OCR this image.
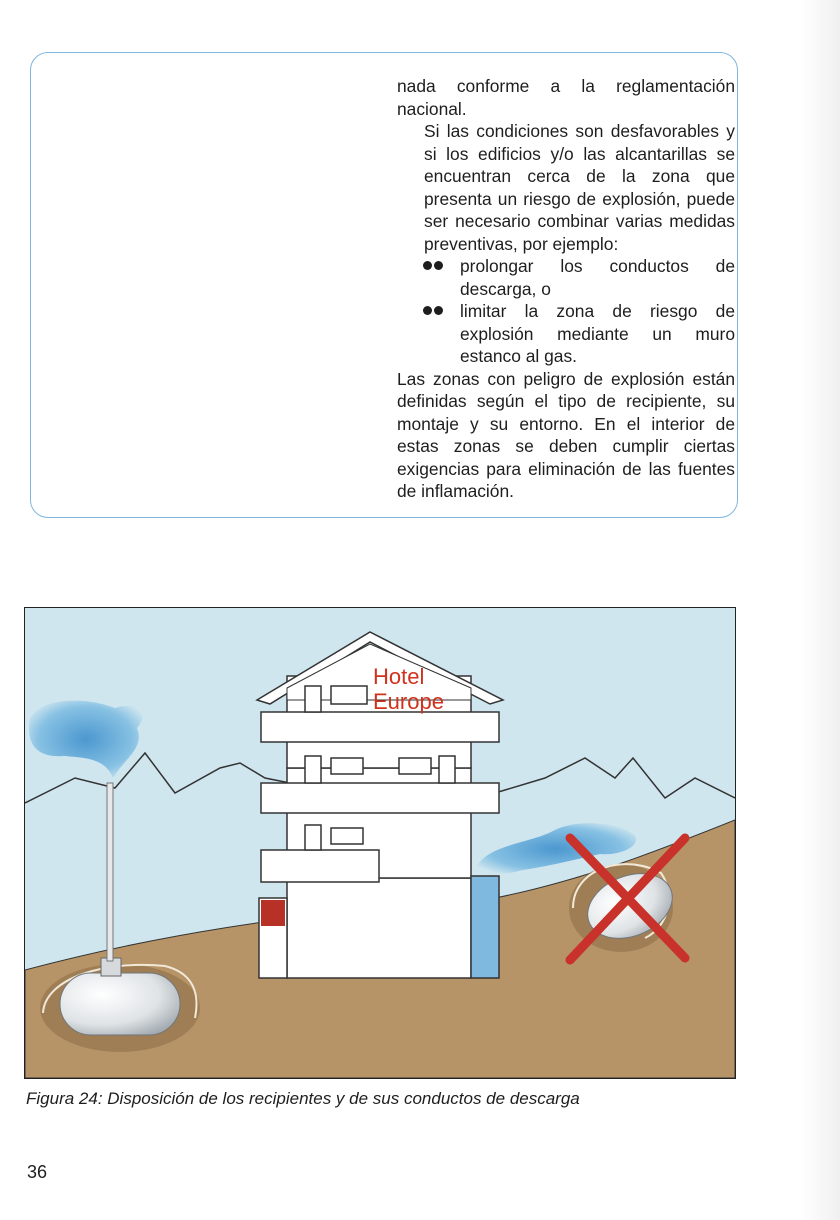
nada conforme a la reglamentación nacional.

Si las condiciones son desfavorables y si los edificios y/o las alcantarillas se encuentran cerca de la zona que presenta un riesgo de explosión, puede ser necesario combinar varias medidas preventivas, por ejemplo:

prolongar los conductos de descarga, o
limitar la zona de riesgo de explosión mediante un muro estanco al gas.

Las zonas con peligro de explosión están definidas según el tipo de recipiente, su montaje y su entorno. En el interior de estas zonas se deben cumplir ciertas exigencias para eliminación de las fuentes de inflamación.

Hotel
Europe
Figura 24: Disposición de los recipientes y de sus conductos de descarga
36
